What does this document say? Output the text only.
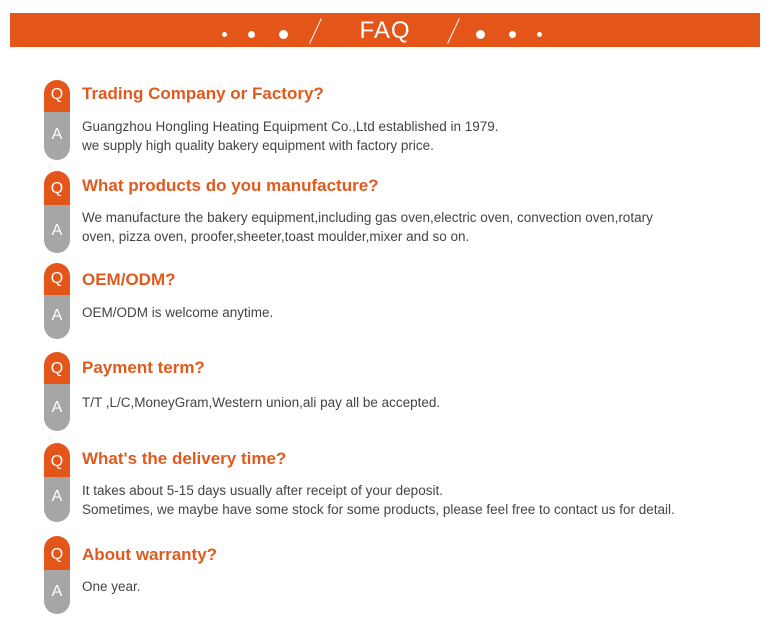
FAQ
Q
A
Trading Company or Factory?
Guangzhou Hongling Heating Equipment Co.,Ltd established in 1979.
we supply high quality bakery equipment with factory price.
Q
A
What products do you manufacture?
We manufacture the bakery equipment,including gas oven,electric oven, convection oven,rotary
oven, pizza oven, proofer,sheeter,toast moulder,mixer and so on.
Q
A
OEM/ODM?
OEM/ODM is welcome anytime.
Q
A
Payment term?
T/T ,L/C,MoneyGram,Western union,ali pay all be accepted.
Q
A
What's the delivery time?
It takes about 5-15 days usually after receipt of your deposit.
Sometimes, we maybe have some stock for some products, please feel free to contact us for detail.
Q
A
About warranty?
One year.
